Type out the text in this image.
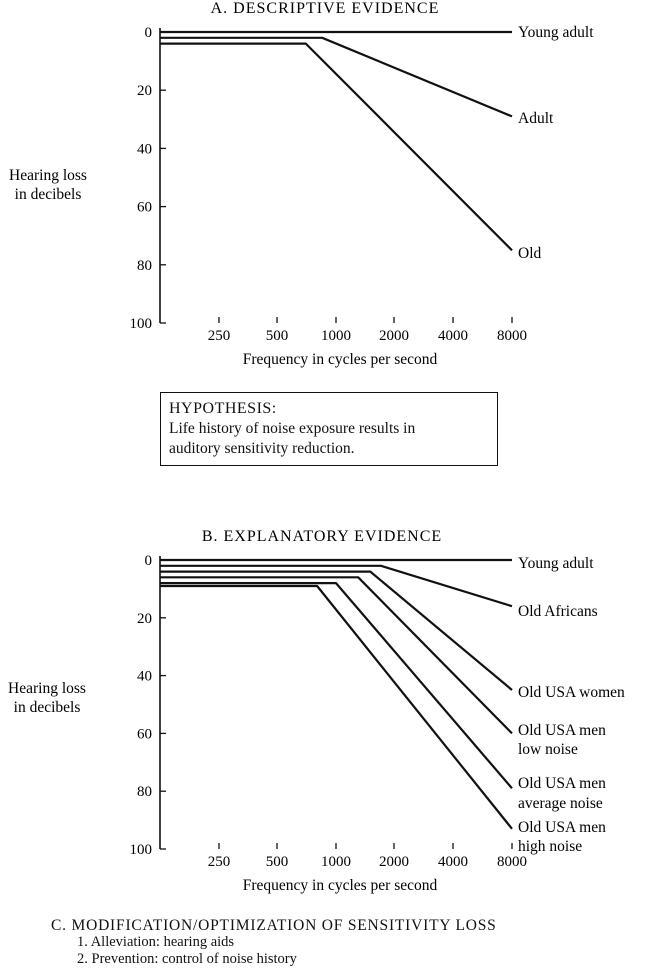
A. DESCRIPTIVE EVIDENCE
0
20
40
60
80
100
250 500 1000 2000 4000 8000
Frequency in cycles per second
Hearing loss
in decibels
Young adult
Adult
Old
B. EXPLANATORY EVIDENCE
0
20
40
60
80
100
250 500 1000 2000 4000 8000
Frequency in cycles per second
Hearing loss
in decibels
Young adult
Old Africans
Old USA women
Old USA men
low noise
Old USA men
average noise
Old USA men
high noise
HYPOTHESIS:
Life history of noise exposure results in
auditory sensitivity reduction.
C. MODIFICATION/OPTIMIZATION OF SENSITIVITY LOSS
1. Alleviation: hearing aids
2. Prevention: control of noise history
